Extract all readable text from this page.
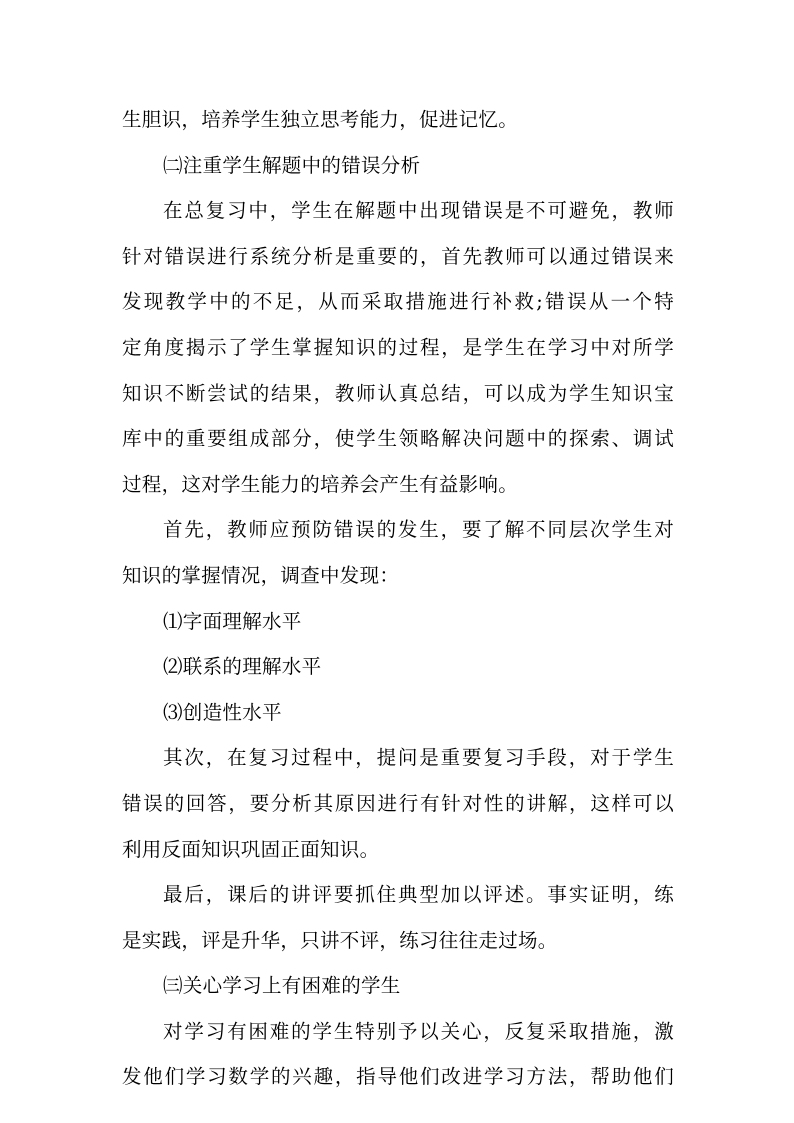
生胆识，培养学生独立思考能力，促进记忆。
㈡注重学生解题中的错误分析
在总复习中，学生在解题中出现错误是不可避免，教师
针对错误进行系统分析是重要的，首先教师可以通过错误来
发现教学中的不足，从而采取措施进行补救;错误从一个特
定角度揭示了学生掌握知识的过程，是学生在学习中对所学
知识不断尝试的结果，教师认真总结，可以成为学生知识宝
库中的重要组成部分，使学生领略解决问题中的探索、调试
过程，这对学生能力的培养会产生有益影响。
首先，教师应预防错误的发生，要了解不同层次学生对
知识的掌握情况，调查中发现：
⑴字面理解水平
⑵联系的理解水平
⑶创造性水平
其次，在复习过程中，提问是重要复习手段，对于学生
错误的回答，要分析其原因进行有针对性的讲解，这样可以
利用反面知识巩固正面知识。
最后，课后的讲评要抓住典型加以评述。事实证明，练
是实践，评是升华，只讲不评，练习往往走过场。
㈢关心学习上有困难的学生
对学习有困难的学生特别予以关心，反复采取措施，激
发他们学习数学的兴趣，指导他们改进学习方法，帮助他们
